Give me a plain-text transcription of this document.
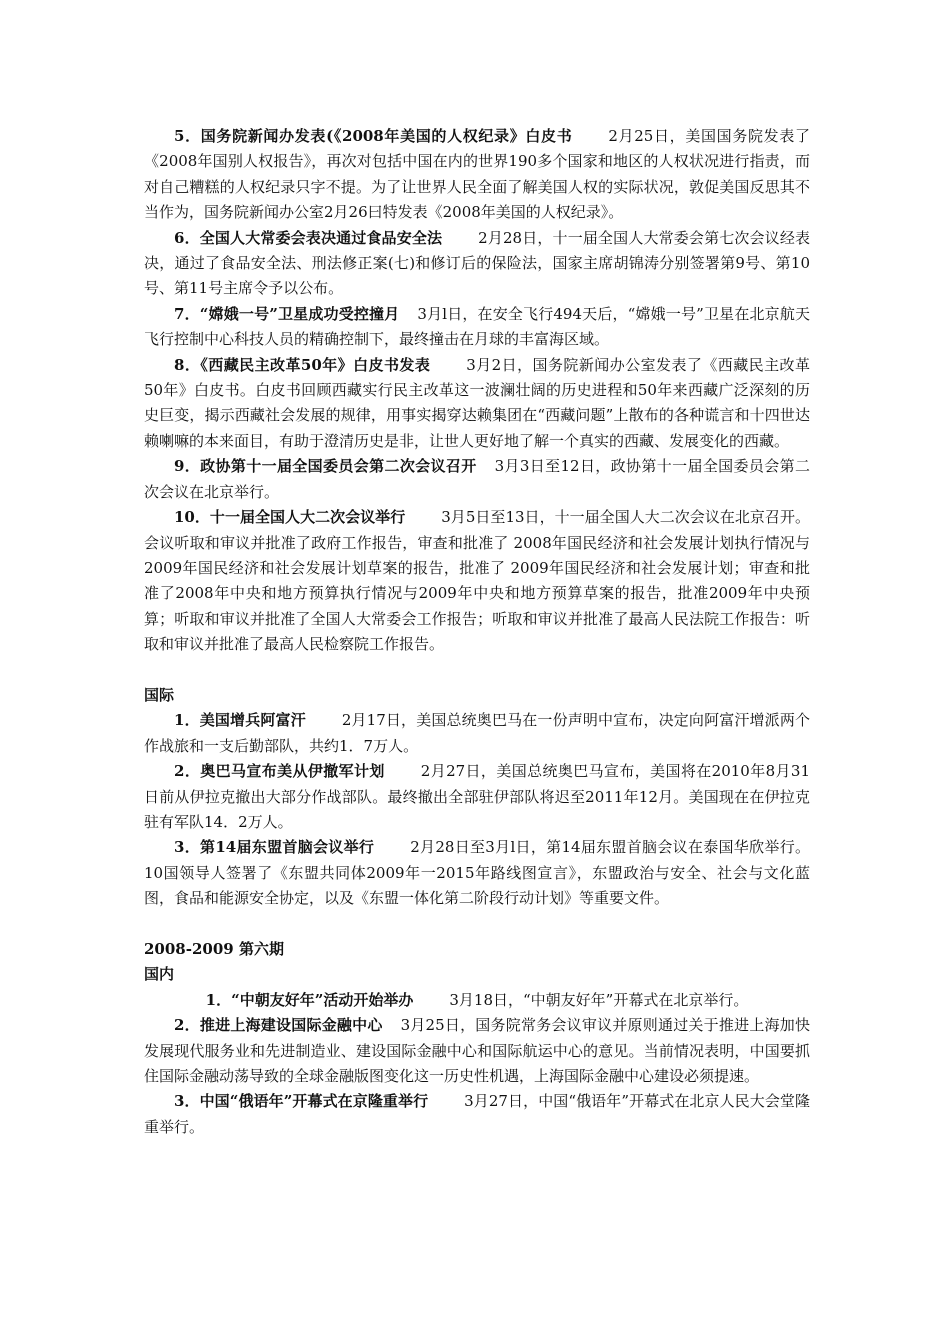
5．国务院新闻办发表(《2008年美国的人权纪录》白皮书 2月25日，美国国务院发表了《2008年国别人权报告》，再次对包括中国在内的世界190多个国家和地区的人权状况进行指责，而对自己糟糕的人权纪录只字不提。为了让世界人民全面了解美国人权的实际状况，敦促美国反思其不当作为，国务院新闻办公室2月26曰特发表《2008年美国的人权纪录》。

6．全国人大常委会表决通过食品安全法 2月28日，十一届全国人大常委会第七次会议经表决，通过了食品安全法、刑法修正案(七)和修订后的保险法，国家主席胡锦涛分别签署第9号、第10号、第11号主席令予以公布。

7．“嫦娥一号”卫星成功受控撞月 3月l日，在安全飞行494天后，“嫦娥一号”卫星在北京航天飞行控制中心科技人员的精确控制下，最终撞击在月球的丰富海区域。

8．《西藏民主改革50年》白皮书发表 3月2日，国务院新闻办公室发表了《西藏民主改革50年》白皮书。白皮书回顾西藏实行民主改革这一波澜壮阔的历史进程和50年来西藏广泛深刻的历史巨变，揭示西藏社会发展的规律，用事实揭穿达赖集团在“西藏问题”上散布的各种谎言和十四世达赖喇嘛的本来面目，有助于澄清历史是非，让世人更好地了解一个真实的西藏、发展变化的西藏。

9．政协第十一届全国委员会第二次会议召开 3月3日至12日，政协第十一届全国委员会第二次会议在北京举行。

10．十一届全国人大二次会议举行 3月5日至13日，十一届全国人大二次会议在北京召开。会议听取和审议并批准了政府工作报告，审查和批准了 2008年国民经济和社会发展计划执行情况与2009年国民经济和社会发展计划草案的报告，批准了 2009年国民经济和社会发展计划；审查和批准了2008年中央和地方预算执行情况与2009年中央和地方预算草案的报告，批准2009年中央预算；听取和审议并批准了全国人大常委会工作报告；听取和审议并批准了最高人民法院工作报告：听取和审议并批准了最高人民检察院工作报告。

国际

1．美国增兵阿富汗 2月17日，美国总统奥巴马在一份声明中宣布，决定向阿富汗增派两个作战旅和一支后勤部队，共约1．7万人。

2．奥巴马宣布美从伊撤军计划 2月27日，美国总统奥巴马宣布，美国将在2010年8月31日前从伊拉克撤出大部分作战部队。最终撤出全部驻伊部队将迟至2011年12月。美国现在在伊拉克驻有军队14．2万人。

3．第14届东盟首脑会议举行 2月28日至3月l日，第14届东盟首脑会议在泰国华欣举行。10国领导人签署了《东盟共同体2009年一2015年路线图宣言》，东盟政治与安全、社会与文化蓝图，食品和能源安全协定，以及《东盟一体化第二阶段行动计划》等重要文件。

2008-2009 第六期

国内

1．“中朝友好年”活动开始举办 3月18日，“中朝友好年”开幕式在北京举行。

2．推进上海建设国际金融中心 3月25日，国务院常务会议审议并原则通过关于推进上海加快发展现代服务业和先进制造业、建设国际金融中心和国际航运中心的意见。当前情况表明，中国要抓住国际金融动荡导致的全球金融版图变化这一历史性机遇，上海国际金融中心建设必须提速。

3．中国“俄语年”开幕式在京隆重举行 3月27日，中国“俄语年”开幕式在北京人民大会堂隆重举行。
